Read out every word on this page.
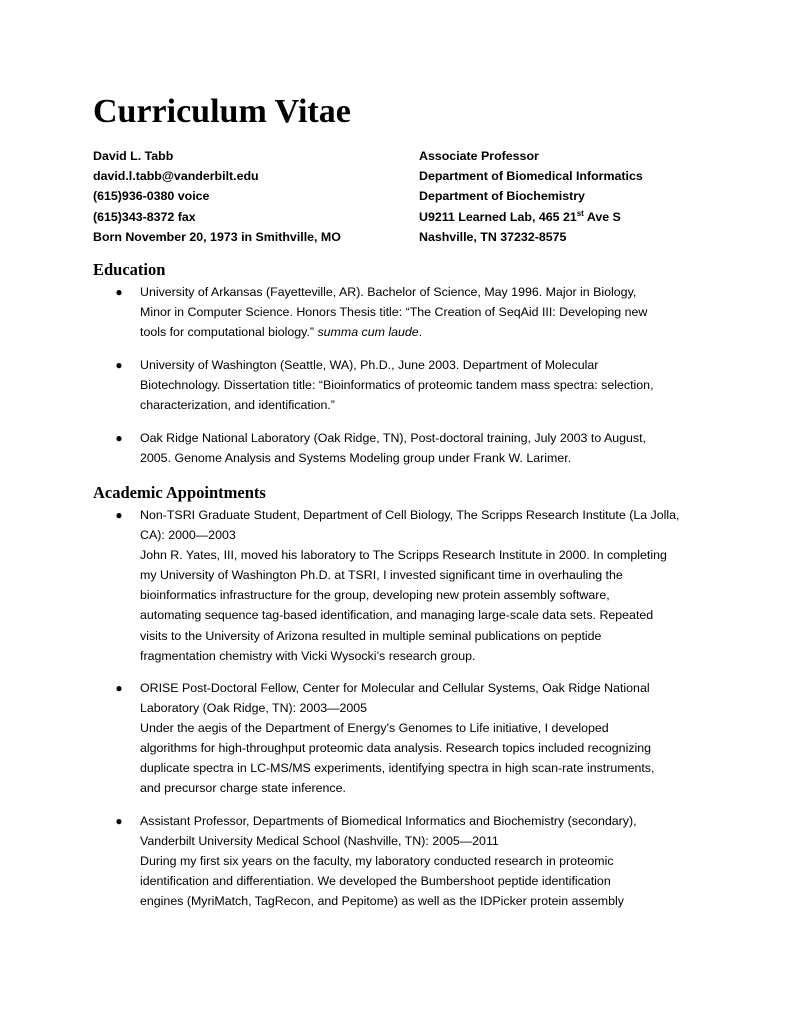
Curriculum Vitae
David L. Tabb
david.l.tabb@vanderbilt.edu
(615)936-0380 voice
(615)343-8372 fax
Born November 20, 1973 in Smithville, MO
Associate Professor
Department of Biomedical Informatics
Department of Biochemistry
U9211 Learned Lab, 465 21st Ave S
Nashville, TN 37232-8575
Education
● University of Arkansas (Fayetteville, AR). Bachelor of Science, May 1996. Major in Biology,
Minor in Computer Science. Honors Thesis title: “The Creation of SeqAid III: Developing new
tools for computational biology.” summa cum laude.
● University of Washington (Seattle, WA), Ph.D., June 2003. Department of Molecular
Biotechnology. Dissertation title: “Bioinformatics of proteomic tandem mass spectra: selection,
characterization, and identification.”
● Oak Ridge National Laboratory (Oak Ridge, TN), Post-doctoral training, July 2003 to August,
2005. Genome Analysis and Systems Modeling group under Frank W. Larimer.
Academic Appointments
● Non-TSRI Graduate Student, Department of Cell Biology, The Scripps Research Institute (La Jolla,
CA): 2000—2003
John R. Yates, III, moved his laboratory to The Scripps Research Institute in 2000. In completing
my University of Washington Ph.D. at TSRI, I invested significant time in overhauling the
bioinformatics infrastructure for the group, developing new protein assembly software,
automating sequence tag-based identification, and managing large-scale data sets. Repeated
visits to the University of Arizona resulted in multiple seminal publications on peptide
fragmentation chemistry with Vicki Wysocki’s research group.
● ORISE Post-Doctoral Fellow, Center for Molecular and Cellular Systems, Oak Ridge National
Laboratory (Oak Ridge, TN): 2003—2005
Under the aegis of the Department of Energy's Genomes to Life initiative, I developed
algorithms for high-throughput proteomic data analysis. Research topics included recognizing
duplicate spectra in LC-MS/MS experiments, identifying spectra in high scan-rate instruments,
and precursor charge state inference.
● Assistant Professor, Departments of Biomedical Informatics and Biochemistry (secondary),
Vanderbilt University Medical School (Nashville, TN): 2005—2011
During my first six years on the faculty, my laboratory conducted research in proteomic
identification and differentiation. We developed the Bumbershoot peptide identification
engines (MyriMatch, TagRecon, and Pepitome) as well as the IDPicker protein assembly
